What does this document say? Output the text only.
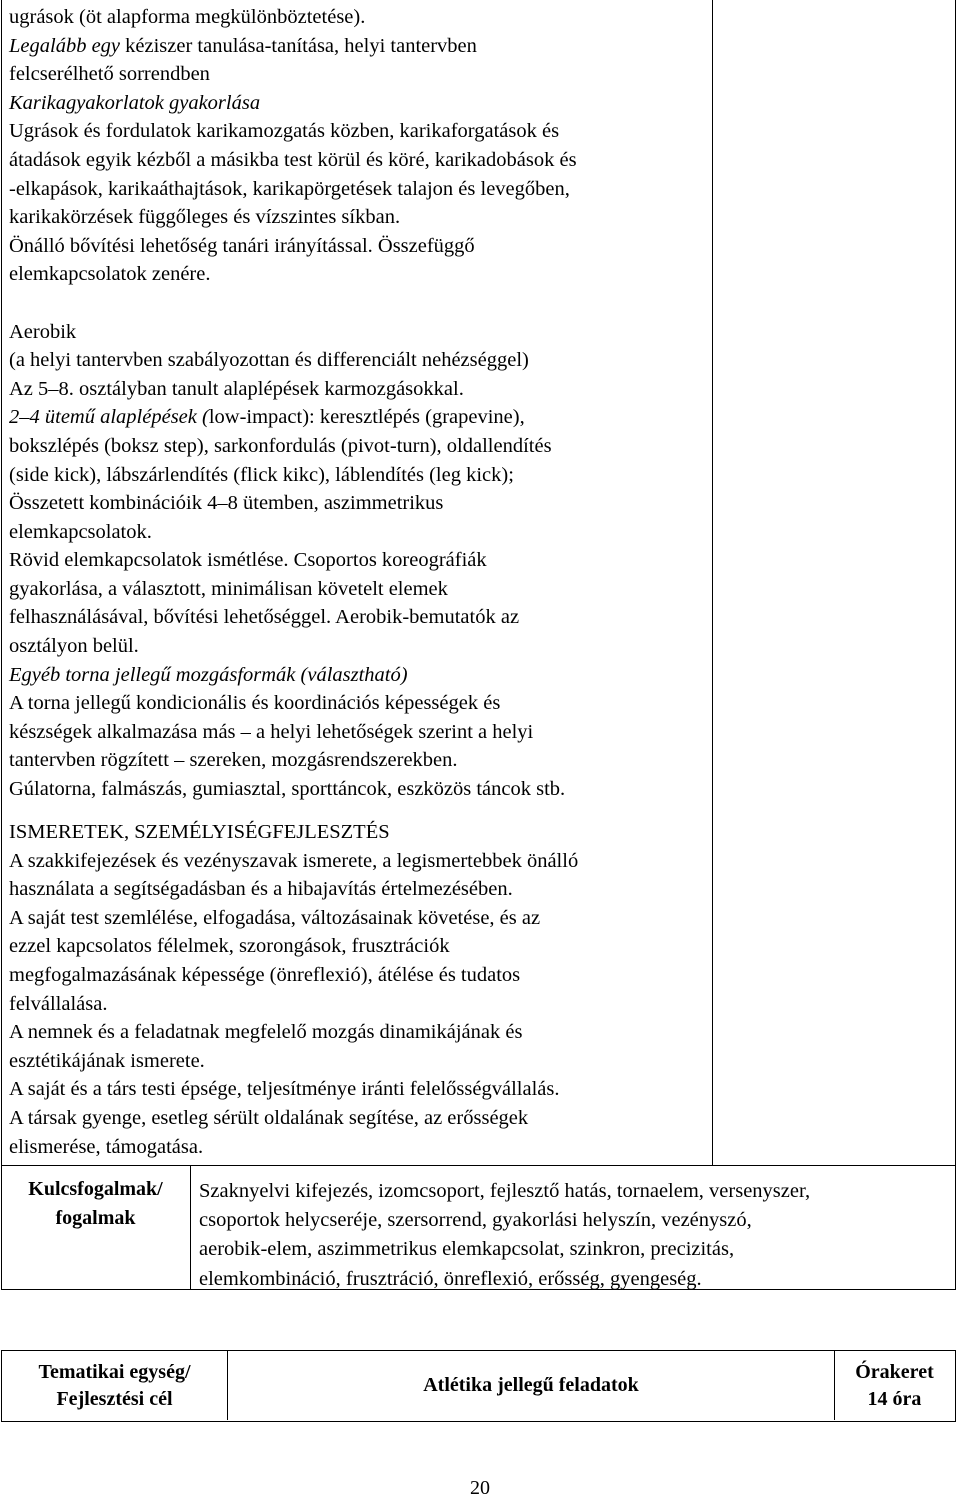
ugrások (öt alapforma megkülönböztetése).
Legalább egy kéziszer tanulása-tanítása, helyi tantervben
felcserélhető sorrendben
Karikagyakorlatok gyakorlása
Ugrások és fordulatok karikamozgatás közben, karikaforgatások és
átadások egyik kézből a másikba test körül és köré, karikadobások és
-elkapások, karikaáthajtások, karikapörgetések talajon és levegőben,
karikakörzések függőleges és vízszintes síkban.
Önálló bővítési lehetőség tanári irányítással. Összefüggő
elemkapcsolatok zenére.

Aerobik
(a helyi tantervben szabályozottan és differenciált nehézséggel)
Az 5–8. osztályban tanult alaplépések karmozgásokkal.
2–4 ütemű alaplépések (low-impact): keresztlépés (grapevine),
bokszlépés (boksz step), sarkonfordulás (pivot-turn), oldallendítés
(side kick), lábszárlendítés (flick kikc), láblendítés (leg kick);
Összetett kombinációik 4–8 ütemben, aszimmetrikus
elemkapcsolatok.
Rövid elemkapcsolatok ismétlése. Csoportos koreográfiák
gyakorlása, a választott, minimálisan követelt elemek
felhasználásával, bővítési lehetőséggel. Aerobik-bemutatók az
osztályon belül.
Egyéb torna jellegű mozgásformák (választható)
A torna jellegű kondicionális és koordinációs képességek és
készségek alkalmazása más – a helyi lehetőségek szerint a helyi
tantervben rögzített – szereken, mozgásrendszerekben.
Gúlatorna, falmászás, gumiasztal, sporttáncok, eszközös táncok stb.
ISMERETEK, SZEMÉLYISÉGFEJLESZTÉS
A szakkifejezések és vezényszavak ismerete, a legismertebbek önálló
használata a segítségadásban és a hibajavítás értelmezésében.
A saját test szemlélése, elfogadása, változásainak követése, és az
ezzel kapcsolatos félelmek, szorongások, frusztrációk
megfogalmazásának képessége (önreflexió), átélése és tudatos
felvállalása.
A nemnek és a feladatnak megfelelő mozgás dinamikájának és
esztétikájának ismerete.
A saját és a társ testi épsége, teljesítménye iránti felelősségvállalás.
A társak gyenge, esetleg sérült oldalának segítése, az erősségek
elismerése, támogatása.
Kulcsfogalmak/
fogalmak
Szaknyelvi kifejezés, izomcsoport, fejlesztő hatás, tornaelem, versenyszer,
csoportok helycseréje, szersorrend, gyakorlási helyszín, vezényszó,
aerobik-elem, aszimmetrikus elemkapcsolat, szinkron, precizitás,
elemkombináció, frusztráció, önreflexió, erősség, gyengeség.
Tematikai egység/
Fejlesztési cél
Atlétika jellegű feladatok
Órakeret
14 óra
20
